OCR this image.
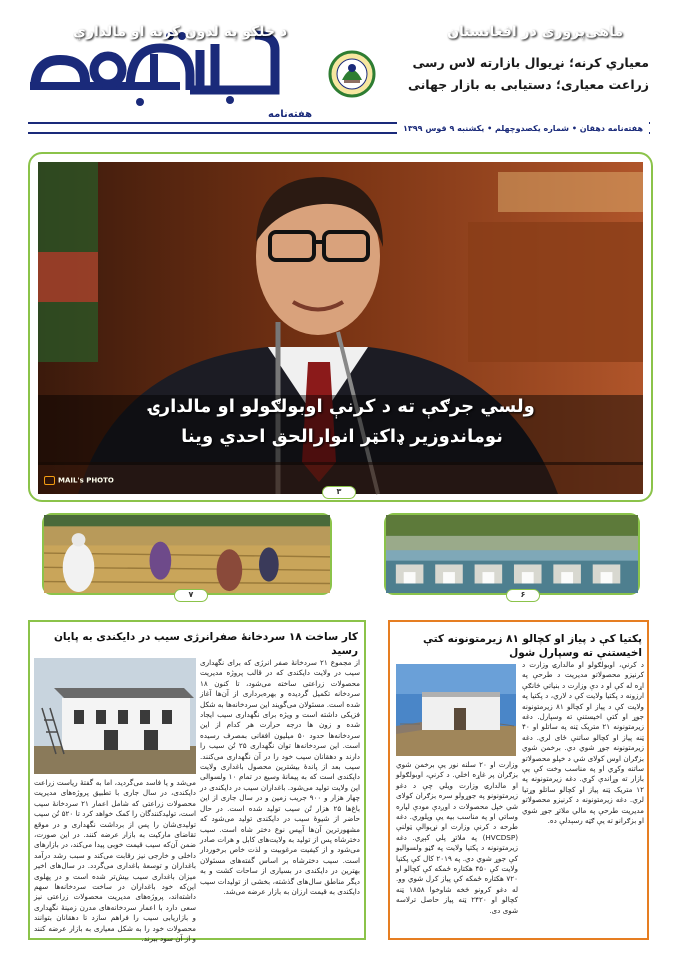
هفته‌نامه
معياري کرنه؛ نړيوال بازارته لاس رسی
زراعت معیاری؛ دستیابی به بازار جهانی
هفته‌نامه دهقان • شماره یکصدوچهلم • یکشنبه ۹ قوس ۱۳۹۹
ولسي جرګې ته د کرنې اوبولګولو او مالدارۍ
نوماندوزیر ډاکټر انوارالحق احدي وینا
MAIL's PHOTO
٣
ماهی‌پروری در افغانستان
۶
د خلکو په لدون کرنه او مالداري
۷
کار ساخت ۱۸ سردخانهٔ صفرانرژی سیب در دایکندی به پایان رسید
از مجموع ۲۱ سردخانهٔ صفر انرژی که برای نگهداری سیب در ولایت دایکندی که در قالب پروژه مدیریت محصولات زراعتی ساخته می‌شود، تا کنون ۱۸ سردخانه تکمیل گردیده و بهره‌برداری از آن‌ها آغاز شده است. مسئولان می‌گویند این سردخانه‌ها به شکل فزیکی داشته است و ویژه برای نگهداری سیب ایجاد شده و زون ها درجه حرارت هر کدام از این سردخانه‌ها حدود ۵۰ میلیون افغانی بمصرف رسیده است. این سردخانه‌ها توان نگهداری ۲۵ تُن سیب را دارند و دهقانان سیب خود را در آن نگهداری می‌کنند. سیب بعد از پاندهٔ بیشترین محصول باغداری ولایت دایکندی است که به پیمانهٔ وسیع در تمام ۱۰ ولسوالی این ولایت تولید می‌شود. باغداران سیب در دایکندی در چهار هزار و ۹۰۰ جریب زمین و در سال جاری از این باغ‌ها ۲۵ هزار تُن سیب تولید شده است. در حال حاضر از شیوهٔ سیب در دایکندی تولید می‌شود که مشهورترین آن‌ها آیپس نوع دختر شاه است. سیب دخترشاه پس از تولید به ولایت‌های کابل و هرات صادر می‌شود و از کیفیت مرغوبیت و لذت خاص برخوردار است. سیب دخترشاه بر اساس گفته‌های مسئولان بهترین در دایکندی در بسیاری از ساحات کشت و به دیگر مناطق سال‌های گذشته، بخشی از تولیدات سیب دایکندی به قیمت ارزان به بازار عرضه می‌شد.
می‌شد و یا فاسد می‌گردید، اما به گفتهٔ ریاست زراعت دایکندی، در سال جاری با تطبیق پروژه‌های مدیریت محصولات زراعتی که شامل اعمار ۲۱ سردخانهٔ سیب است، تولیدکنندگان را کمک خواهد کرد تا ۵۲۰ تُن سیب تولیدی‌شان را پس از برداشت نگهداری و در موقع تقاضای مارکیت به بازار عرضه کنند. در این صورت، ضمن آن‌که سیب قیمت خوبی پیدا می‌کند، در بازارهای داخلی و خارجی نیز رقابت می‌کند و سبب رشد درآمد باغداران و توسعهٔ باغداری می‌گردد. در سال‌های اخیر میزان باغداری سیب بیش‌تر شده است و در پهلوی این‌که خود باغداران در ساخت سردخانه‌ها سهم داشته‌اند، پروژه‌های مدیریت محصولات زراعتی نیز سعی دارد با اعمار سردخانه‌های مدرن زمینهٔ نگهداری و بازاریابی سیب را فراهم سازد تا دهقانان بتوانند محصولات خود را به شکل معیاری به بازار عرضه کنند و از آن سود ببرند.
پکتیا کې د پیاز او کچالو ۸۱ زیرمتونونه کتې اخیستنې ته وسپارل شول
د کرنې، اوبولګولو او مالدارۍ وزارت د کرنیزو محصولاتو مدیریت د طرحې په اړه له کې او د دې وزارت د بنیاتي څانګې ارزونه د پکتیا ولايت کې د لاري، د پکتیا په ولایت کې د پیاز او کچالو ۸۱ زیرمتونونه جوړ او کتې اخیستنې ته وسپارل. دغه زیرمتونونه ۲۱ متریک ټنه په ساتلو او ۴۰ ټنه پیاز او کچالو ساتنې ځای لري. دغه زیرمتونونه جوړ شوي دي. برخمن شوي بزګران اوس کولای شي د خپلو محصولاتو ساتنه وکړي او په مناسب وخت کې یې بازار ته وړاندې کړي. دغه زیرمتونونه په ۱۲ متریک ټنه پیاز او کچالو ساتلو وړتیا لري. دغه زیرمتونونه د کرنیزو محصولاتو مدیریت طرحې په مالي ملاتړ جوړ شوي او بزګرانو ته یې ګټه رسېدلې ده.
وزارت او ۲۰ سلنه نور یې برخمن شوي بزګران پر غاړه اخلي. د کرنې، اوبولګولو او مالدارۍ وزارت ویلي چې د دغو زیرمتونونو په جوړولو سره بزګران کولای شي خپل محصولات د اوږدې مودې لپاره وساتي او په مناسب بیه یې وپلوري. دغه طرحه د کرنې وزارت او نړیوالې ټولنې (HVCDSP) په ملاتړ پلي کېږي. دغه زیرمتونونه د پکتیا ولایت په ګڼو ولسوالیو کې جوړ شوي دي. په ۲۰۱۹ کال کې پکتیا ولایت کې ۴۵۰ هکتاره ځمکه کې کچالو او ۷۲۰ هکتاره ځمکه کې پیاز کرل شوي وو. له دغو کرونو څخه شاوخوا ۱۸۵۸ ټنه کچالو او ۲۴۲۰ ټنه پیاز حاصل ترلاسه شوی دی.
